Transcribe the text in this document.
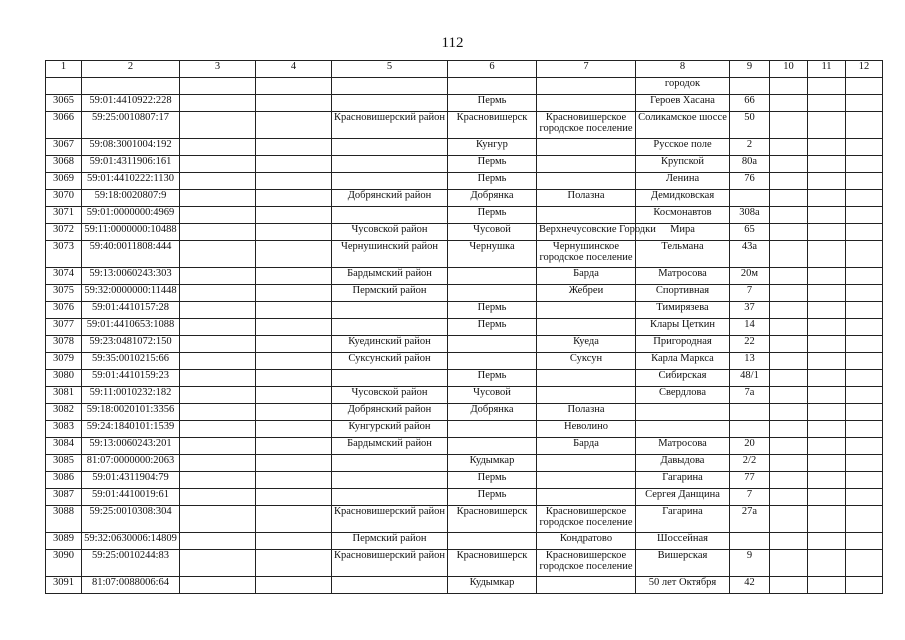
112
1	2	3	4	5	6	7	8	9	10	11	12
							городок				
3065	59:01:4410922:228				Пермь		Героев Хасана	66			
3066	59:25:0010807:17			Красновишерский район	Красновишерск	Красновишерское городское поселение	Соликамское шоссе	50			
3067	59:08:3001004:192				Кунгур		Русское поле	2			
3068	59:01:4311906:161				Пермь		Крупской	80а			
3069	59:01:4410222:1130				Пермь		Ленина	76			
3070	59:18:0020807:9			Добрянский район	Добрянка	Полазна	Демидковская				
3071	59:01:0000000:4969				Пермь		Космонавтов	308а			
3072	59:11:0000000:10488			Чусовской район	Чусовой	Верхнечусовские Городки	Мира	65			
3073	59:40:0011808:444			Чернушинский район	Чернушка	Чернушинское городское поселение	Тельмана	43а			
3074	59:13:0060243:303			Бардымский район		Барда	Матросова	20м			
3075	59:32:0000000:11448			Пермский район		Жебреи	Спортивная	7			
3076	59:01:4410157:28				Пермь		Тимирязева	37			
3077	59:01:4410653:1088				Пермь		Клары Цеткин	14			
3078	59:23:0481072:150			Куединский район		Куеда	Пригородная	22			
3079	59:35:0010215:66			Суксунский район		Суксун	Карла Маркса	13			
3080	59:01:4410159:23				Пермь		Сибирская	48/1			
3081	59:11:0010232:182			Чусовской район	Чусовой		Свердлова	7а			
3082	59:18:0020101:3356			Добрянский район	Добрянка	Полазна					
3083	59:24:1840101:1539			Кунгурский район		Неволино					
3084	59:13:0060243:201			Бардымский район		Барда	Матросова	20			
3085	81:07:0000000:2063				Кудымкар		Давыдова	2/2			
3086	59:01:4311904:79				Пермь		Гагарина	77			
3087	59:01:4410019:61				Пермь		Сергея Данщина	7			
3088	59:25:0010308:304			Красновишерский район	Красновишерск	Красновишерское городское поселение	Гагарина	27а			
3089	59:32:0630006:14809			Пермский район		Кондратово	Шоссейная				
3090	59:25:0010244:83			Красновишерский район	Красновишерск	Красновишерское городское поселение	Вишерская	9			
3091	81:07:0088006:64				Кудымкар		50 лет Октября	42			
